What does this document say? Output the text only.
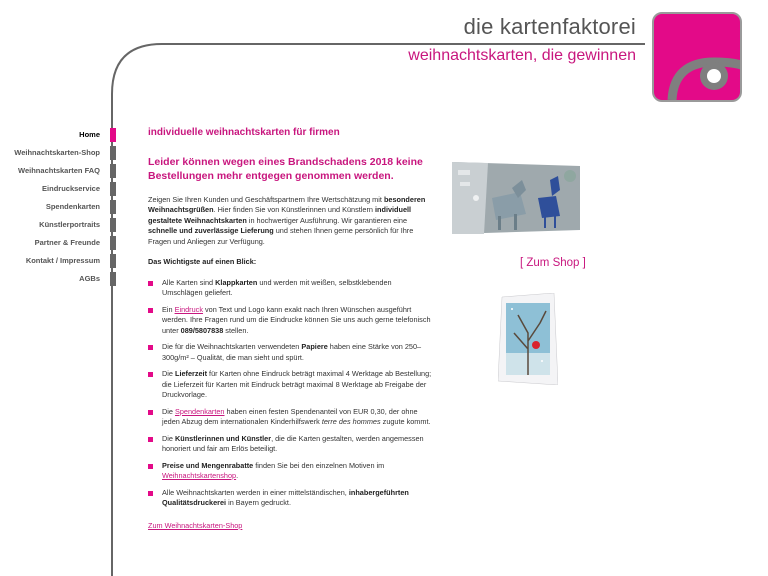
die kartenfaktorei
weihnachtskarten, die gewinnen
Home
Weihnachtskarten-Shop
Weihnachtskarten FAQ
Eindruckservice
Spendenkarten
Künstlerportraits
Partner & Freunde
Kontakt / Impressum
AGBs
individuelle weihnachtskarten für firmen
Leider können wegen eines Brandschadens 2018 keine Bestellungen mehr entgegen genommen werden.

Zeigen Sie Ihren Kunden und Geschäftspartnern Ihre Wertschätzung mit besonderen Weihnachtsgrüßen. Hier finden Sie von Künstlerinnen und Künstlern individuell gestaltete Weihnachtskarten in hochwertiger Ausführung. Wir garantieren eine schnelle und zuverlässige Lieferung und stehen Ihnen gerne persönlich für Ihre Fragen und Anliegen zur Verfügung.

Das Wichtigste auf einen Blick:
Alle Karten sind Klappkarten und werden mit weißen, selbstklebenden Umschlägen geliefert.
Ein Eindruck von Text und Logo kann exakt nach Ihren Wünschen ausgeführt werden. Ihre Fragen rund um die Eindrucke können Sie uns auch gerne telefonisch unter 089/5807838 stellen.
Die für die Weihnachtskarten verwendeten Papiere haben eine Stärke von 250–300g/m² – Qualität, die man sieht und spürt.
Die Lieferzeit für Karten ohne Eindruck beträgt maximal 4 Werktage ab Bestellung; die Lieferzeit für Karten mit Eindruck beträgt maximal 8 Werktage ab Freigabe der Druckvorlage.
Die Spendenkarten haben einen festen Spendenanteil von EUR 0,30, der ohne jeden Abzug dem internationalen Kinderhilfswerk terre des hommes zugute kommt.
Die Künstlerinnen und Künstler, die die Karten gestalten, werden angemessen honoriert und fair am Erlös beteiligt.
Preise und Mengenrabatte finden Sie bei den einzelnen Motiven im Weihnachtskartenshop.
Alle Weihnachtskarten werden in einer mittelständischen, inhabergeführten Qualitätsdruckerei in Bayern gedruckt.
Zum Weihnachtskarten-Shop
[ Zum Shop ]
